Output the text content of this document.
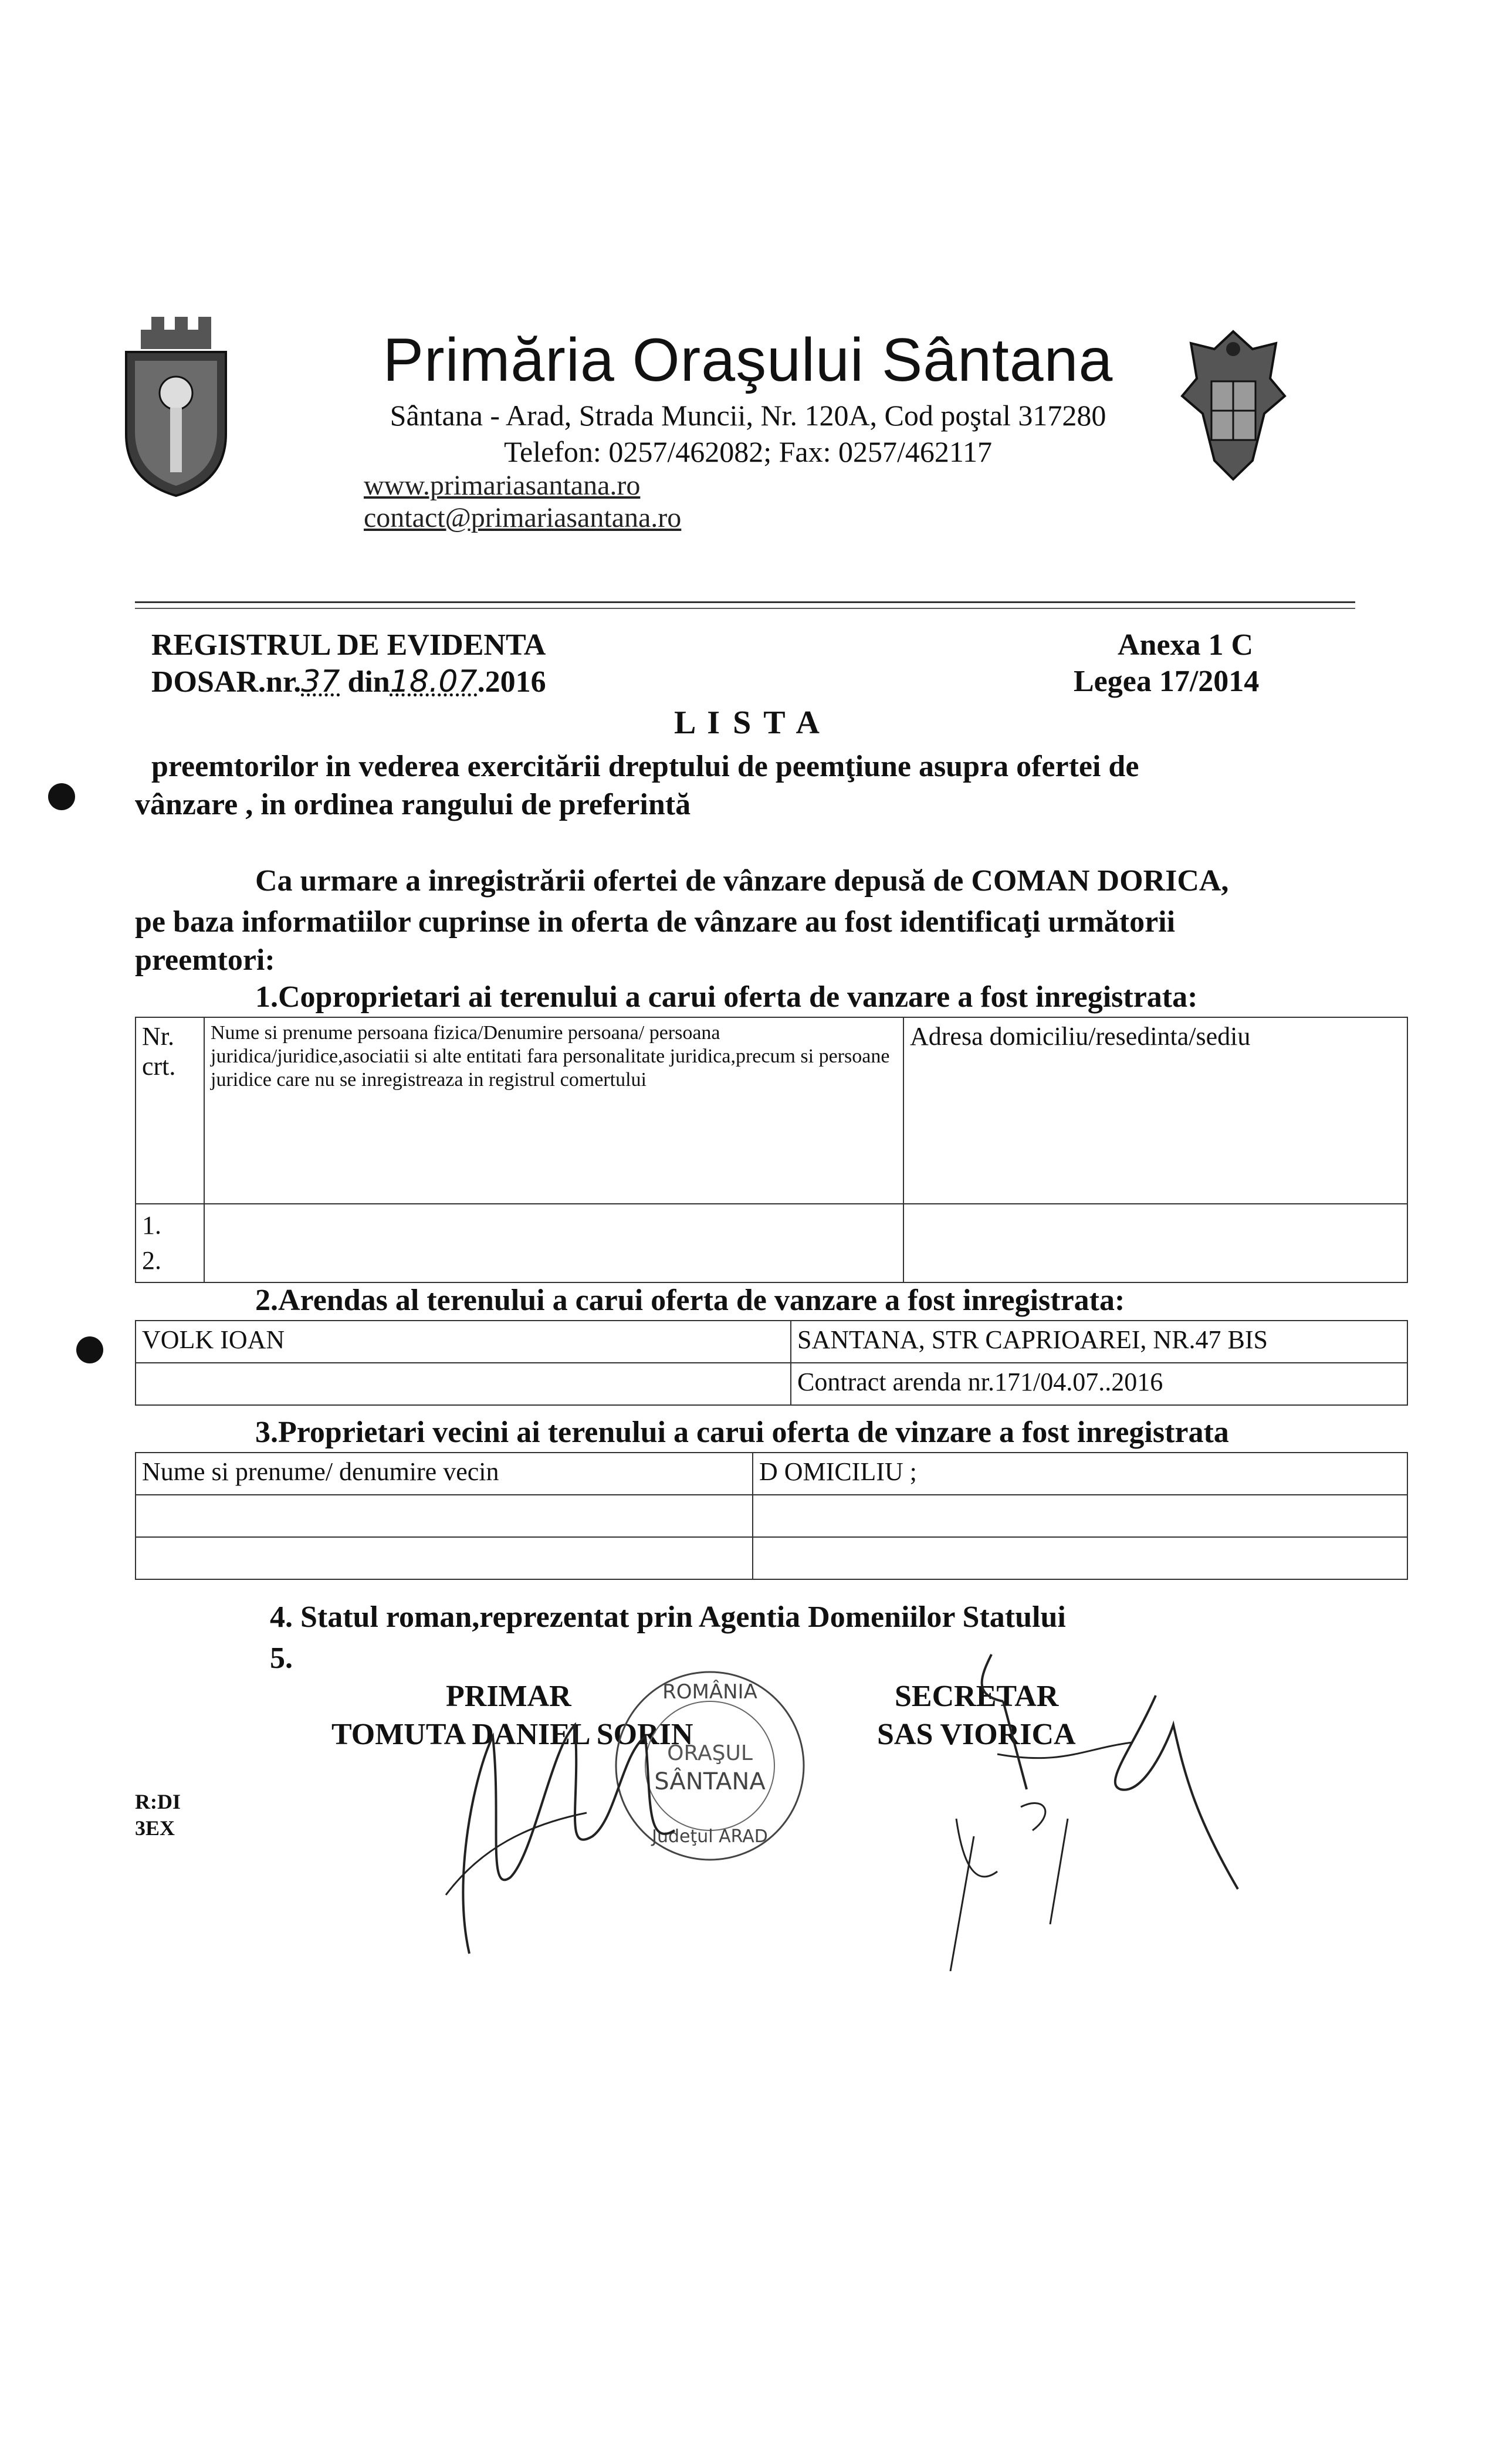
Primăria Oraşului Sântana
Sântana - Arad, Strada Muncii, Nr. 120A, Cod poştal 317280
Telefon: 0257/462082; Fax: 0257/462117
www.primariasantana.ro contact@primariasantana.ro
REGISTRUL DE EVIDENTA
DOSAR.nr.37 din18.07.2016
Anexa 1 C
Legea 17/2014
L I S T A
preemtorilor in vederea exercitării dreptului de peemţiune asupra ofertei de
vânzare , in ordinea rangului de preferintă
Ca urmare a inregistrării ofertei de vânzare depusă de COMAN DORICA,
pe baza informatiilor cuprinse in oferta de vânzare au fost identificaţi următorii
preemtori:
1.Coproprietari ai terenului a carui oferta de vanzare a fost inregistrata:
Nr. crt.	Nume si prenume persoana fizica/Denumire persoana/ persoana juridica/juridice,asociatii si alte entitati fara personalitate juridica,precum si persoane juridice care nu se inregistreaza in registrul comertului	Adresa domiciliu/resedinta/sediu

1.
2.		

2.Arendas al terenului a carui oferta de vanzare a fost inregistrata:
VOLK IOAN	SANTANA, STR CAPRIOAREI, NR.47 BIS
	Contract arenda nr.171/04.07..2016
3.Proprietari vecini ai terenului a carui oferta de vinzare a fost inregistrata
Nume si prenume/ denumire vecin	D OMICILIU ;

4. Statul roman,reprezentat prin Agentia Domeniilor Statului
5.
PRIMAR
TOMUTA DANIEL SORIN
SECRETAR
SAS VIORICA
ROMÂNIA
ORAŞUL
SÂNTANA
Judeţul ARAD
R:DI
3EX
